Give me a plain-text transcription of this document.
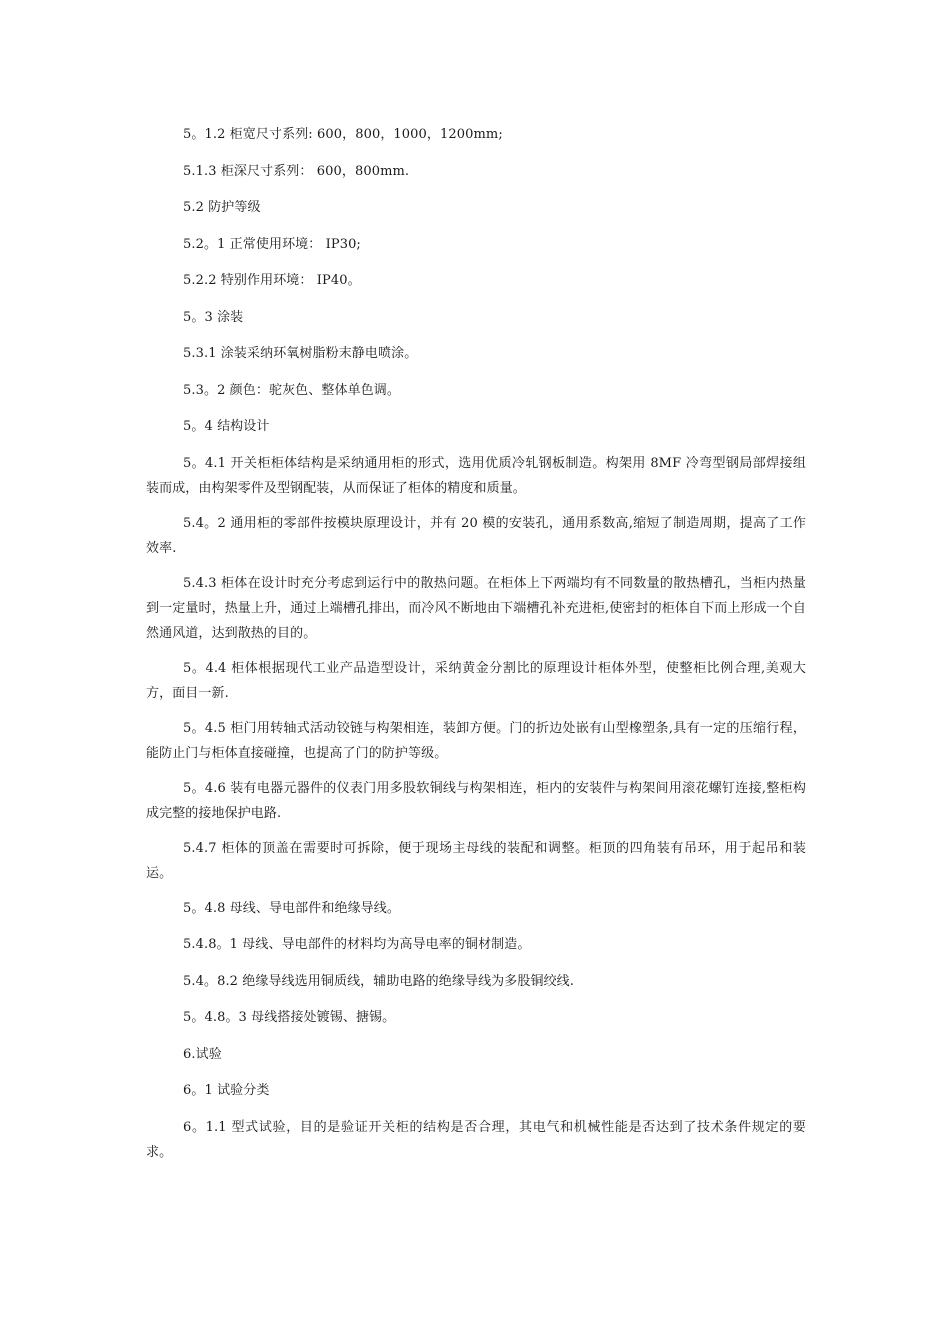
5。1.2 柜宽尺寸系列: 600，800，1000，1200mm;

5.1.3 柜深尺寸系列： 600，800mm.

5.2 防护等级

5.2。1 正常使用环境： IP30;

5.2.2 特别作用环境： IP40。

5。3 涂装

5.3.1 涂装采纳环氧树脂粉末静电喷涂。

5.3。2 颜色：驼灰色、整体单色调。

5。4 结构设计

5。4.1 开关柜柜体结构是采纳通用柜的形式，选用优质冷轧钢板制造。构架用 8MF 冷弯型钢局部焊接组装而成，由构架零件及型钢配装，从而保证了柜体的精度和质量。

5.4。2 通用柜的零部件按模块原理设计，并有 20 模的安装孔，通用系数高,缩短了制造周期，提高了工作效率.

5.4.3 柜体在设计时充分考虑到运行中的散热问题。在柜体上下两端均有不同数量的散热槽孔，当柜内热量到一定量时，热量上升，通过上端槽孔排出，而冷风不断地由下端槽孔补充进柜,使密封的柜体自下而上形成一个自然通风道，达到散热的目的。

5。4.4 柜体根据现代工业产品造型设计，采纳黄金分割比的原理设计柜体外型，使整柜比例合理,美观大方，面目一新.

5。4.5 柜门用转轴式活动铰链与构架相连，装卸方便。门的折边处嵌有山型橡塑条,具有一定的压缩行程，能防止门与柜体直接碰撞，也提高了门的防护等级。

5。4.6 装有电器元器件的仪表门用多股软铜线与构架相连，柜内的安装件与构架间用滚花螺钉连接,整柜构成完整的接地保护电路.

5.4.7 柜体的顶盖在需要时可拆除，便于现场主母线的装配和调整。柜顶的四角装有吊环，用于起吊和装运。

5。4.8 母线、导电部件和绝缘导线。

5.4.8。1 母线、导电部件的材料均为高导电率的铜材制造。

5.4。8.2 绝缘导线选用铜质线，辅助电路的绝缘导线为多股铜绞线.

5。4.8。3 母线搭接处镀锡、搪锡。

6.试验

6。1 试验分类

6。1.1 型式试验，目的是验证开关柜的结构是否合理，其电气和机械性能是否达到了技术条件规定的要求。
